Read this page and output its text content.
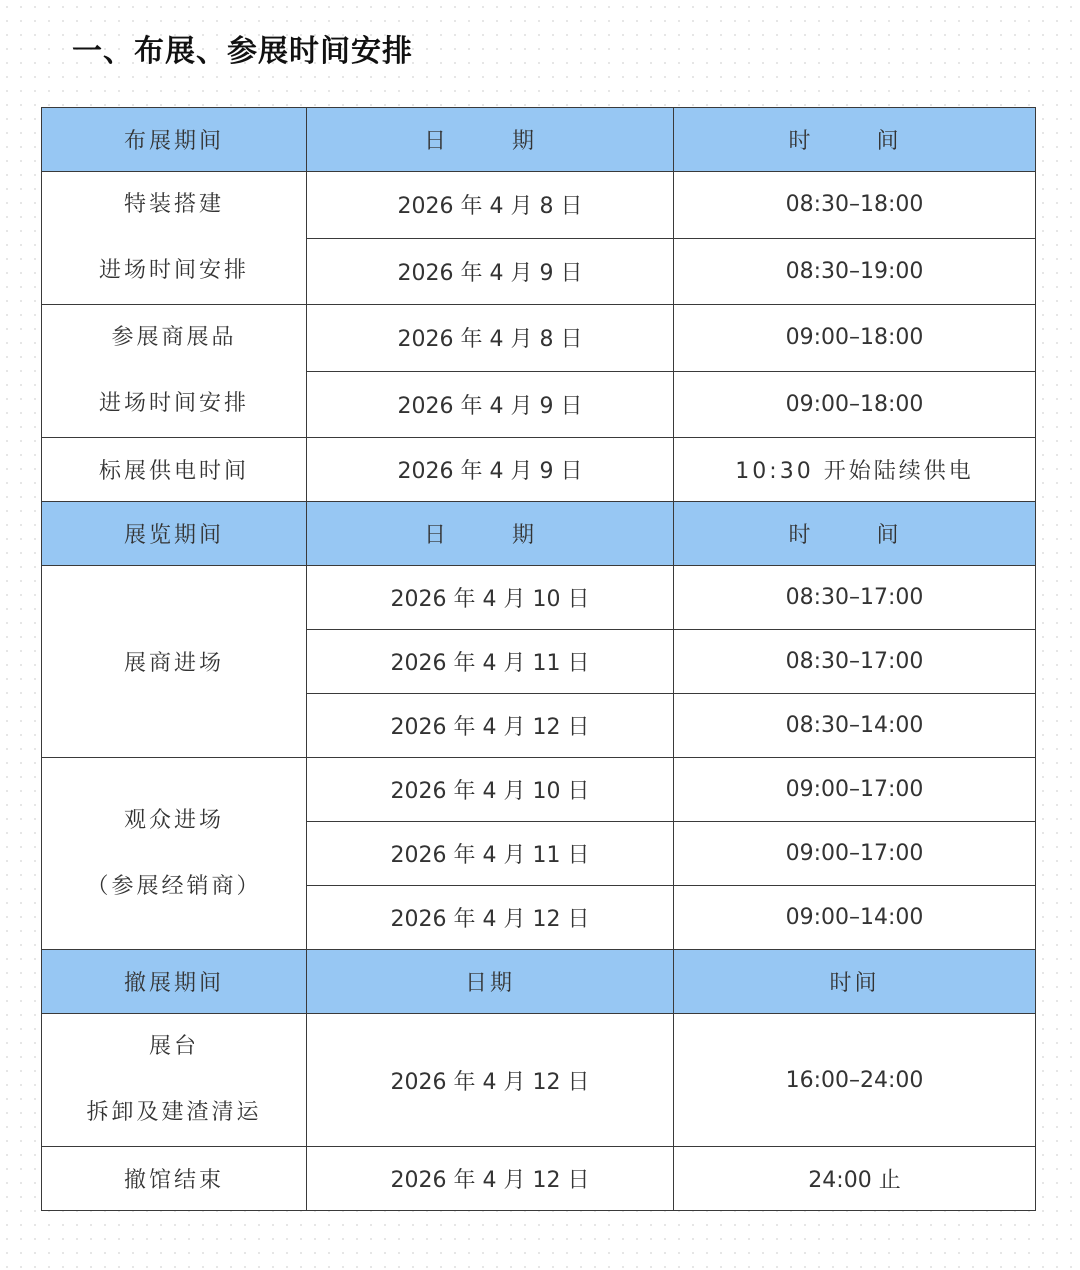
一、布展、参展时间安排
布展期间	日　期	时　间

特装搭建
进场时间安排	2026 年 4 月 8 日	08:30–18:00
	2026 年 4 月 9 日	08:30–19:00

参展商展品
进场时间安排	2026 年 4 月 8 日	09:00–18:00
	2026 年 4 月 9 日	09:00–18:00
标展供电时间	2026 年 4 月 9 日	10:30 开始陆续供电
展览期间	日　期	时　间
展商进场	2026 年 4 月 10 日	08:30–17:00
	2026 年 4 月 11 日	08:30–17:00
	2026 年 4 月 12 日	08:30–14:00

观众进场
（参展经销商）	2026 年 4 月 10 日	09:00–17:00
	2026 年 4 月 11 日	09:00–17:00
	2026 年 4 月 12 日	09:00–14:00
撤展期间	日期	时间

展台
拆卸及建渣清运	2026 年 4 月 12 日	16:00–24:00
撤馆结束	2026 年 4 月 12 日	24:00 止
